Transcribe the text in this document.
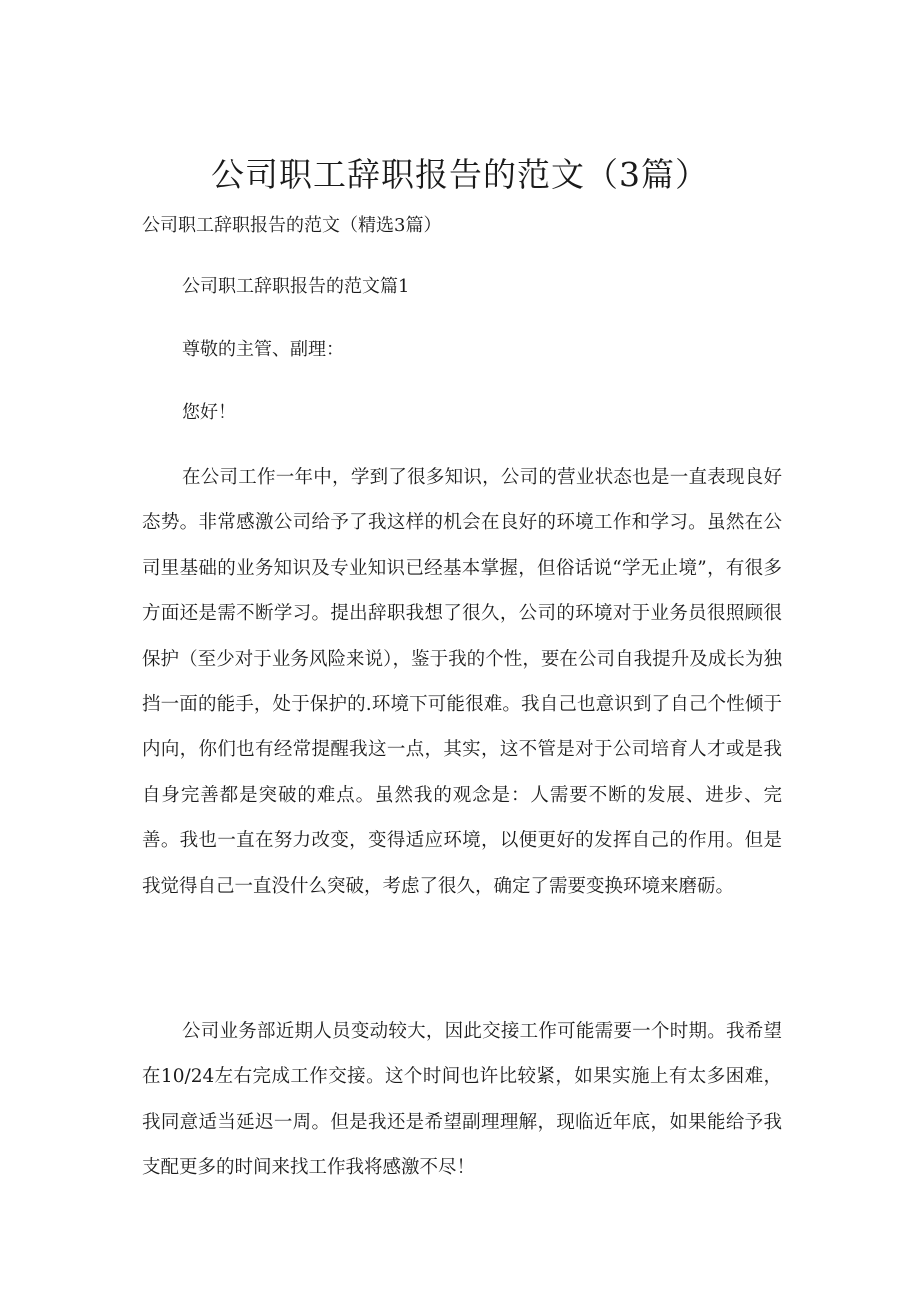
公司职工辞职报告的范文（3篇）

公司职工辞职报告的范文（精选3篇）

公司职工辞职报告的范文篇1

尊敬的主管、副理：

您好！

在公司工作一年中，学到了很多知识，公司的营业状态也是一直表现良好态势。非常感激公司给予了我这样的机会在良好的环境工作和学习。虽然在公司里基础的业务知识及专业知识已经基本掌握，但俗话说“学无止境”，有很多方面还是需不断学习。提出辞职我想了很久，公司的环境对于业务员很照顾很保护（至少对于业务风险来说），鉴于我的个性，要在公司自我提升及成长为独挡一面的能手，处于保护的.环境下可能很难。我自己也意识到了自己个性倾于内向，你们也有经常提醒我这一点，其实，这不管是对于公司培育人才或是我自身完善都是突破的难点。虽然我的观念是：人需要不断的发展、进步、完善。我也一直在努力改变，变得适应环境，以便更好的发挥自己的作用。但是我觉得自己一直没什么突破，考虑了很久，确定了需要变换环境来磨砺。

公司业务部近期人员变动较大，因此交接工作可能需要一个时期。我希望在10/24左右完成工作交接。这个时间也许比较紧，如果实施上有太多困难，我同意适当延迟一周。但是我还是希望副理理解，现临近年底，如果能给予我支配更多的时间来找工作我将感激不尽！
